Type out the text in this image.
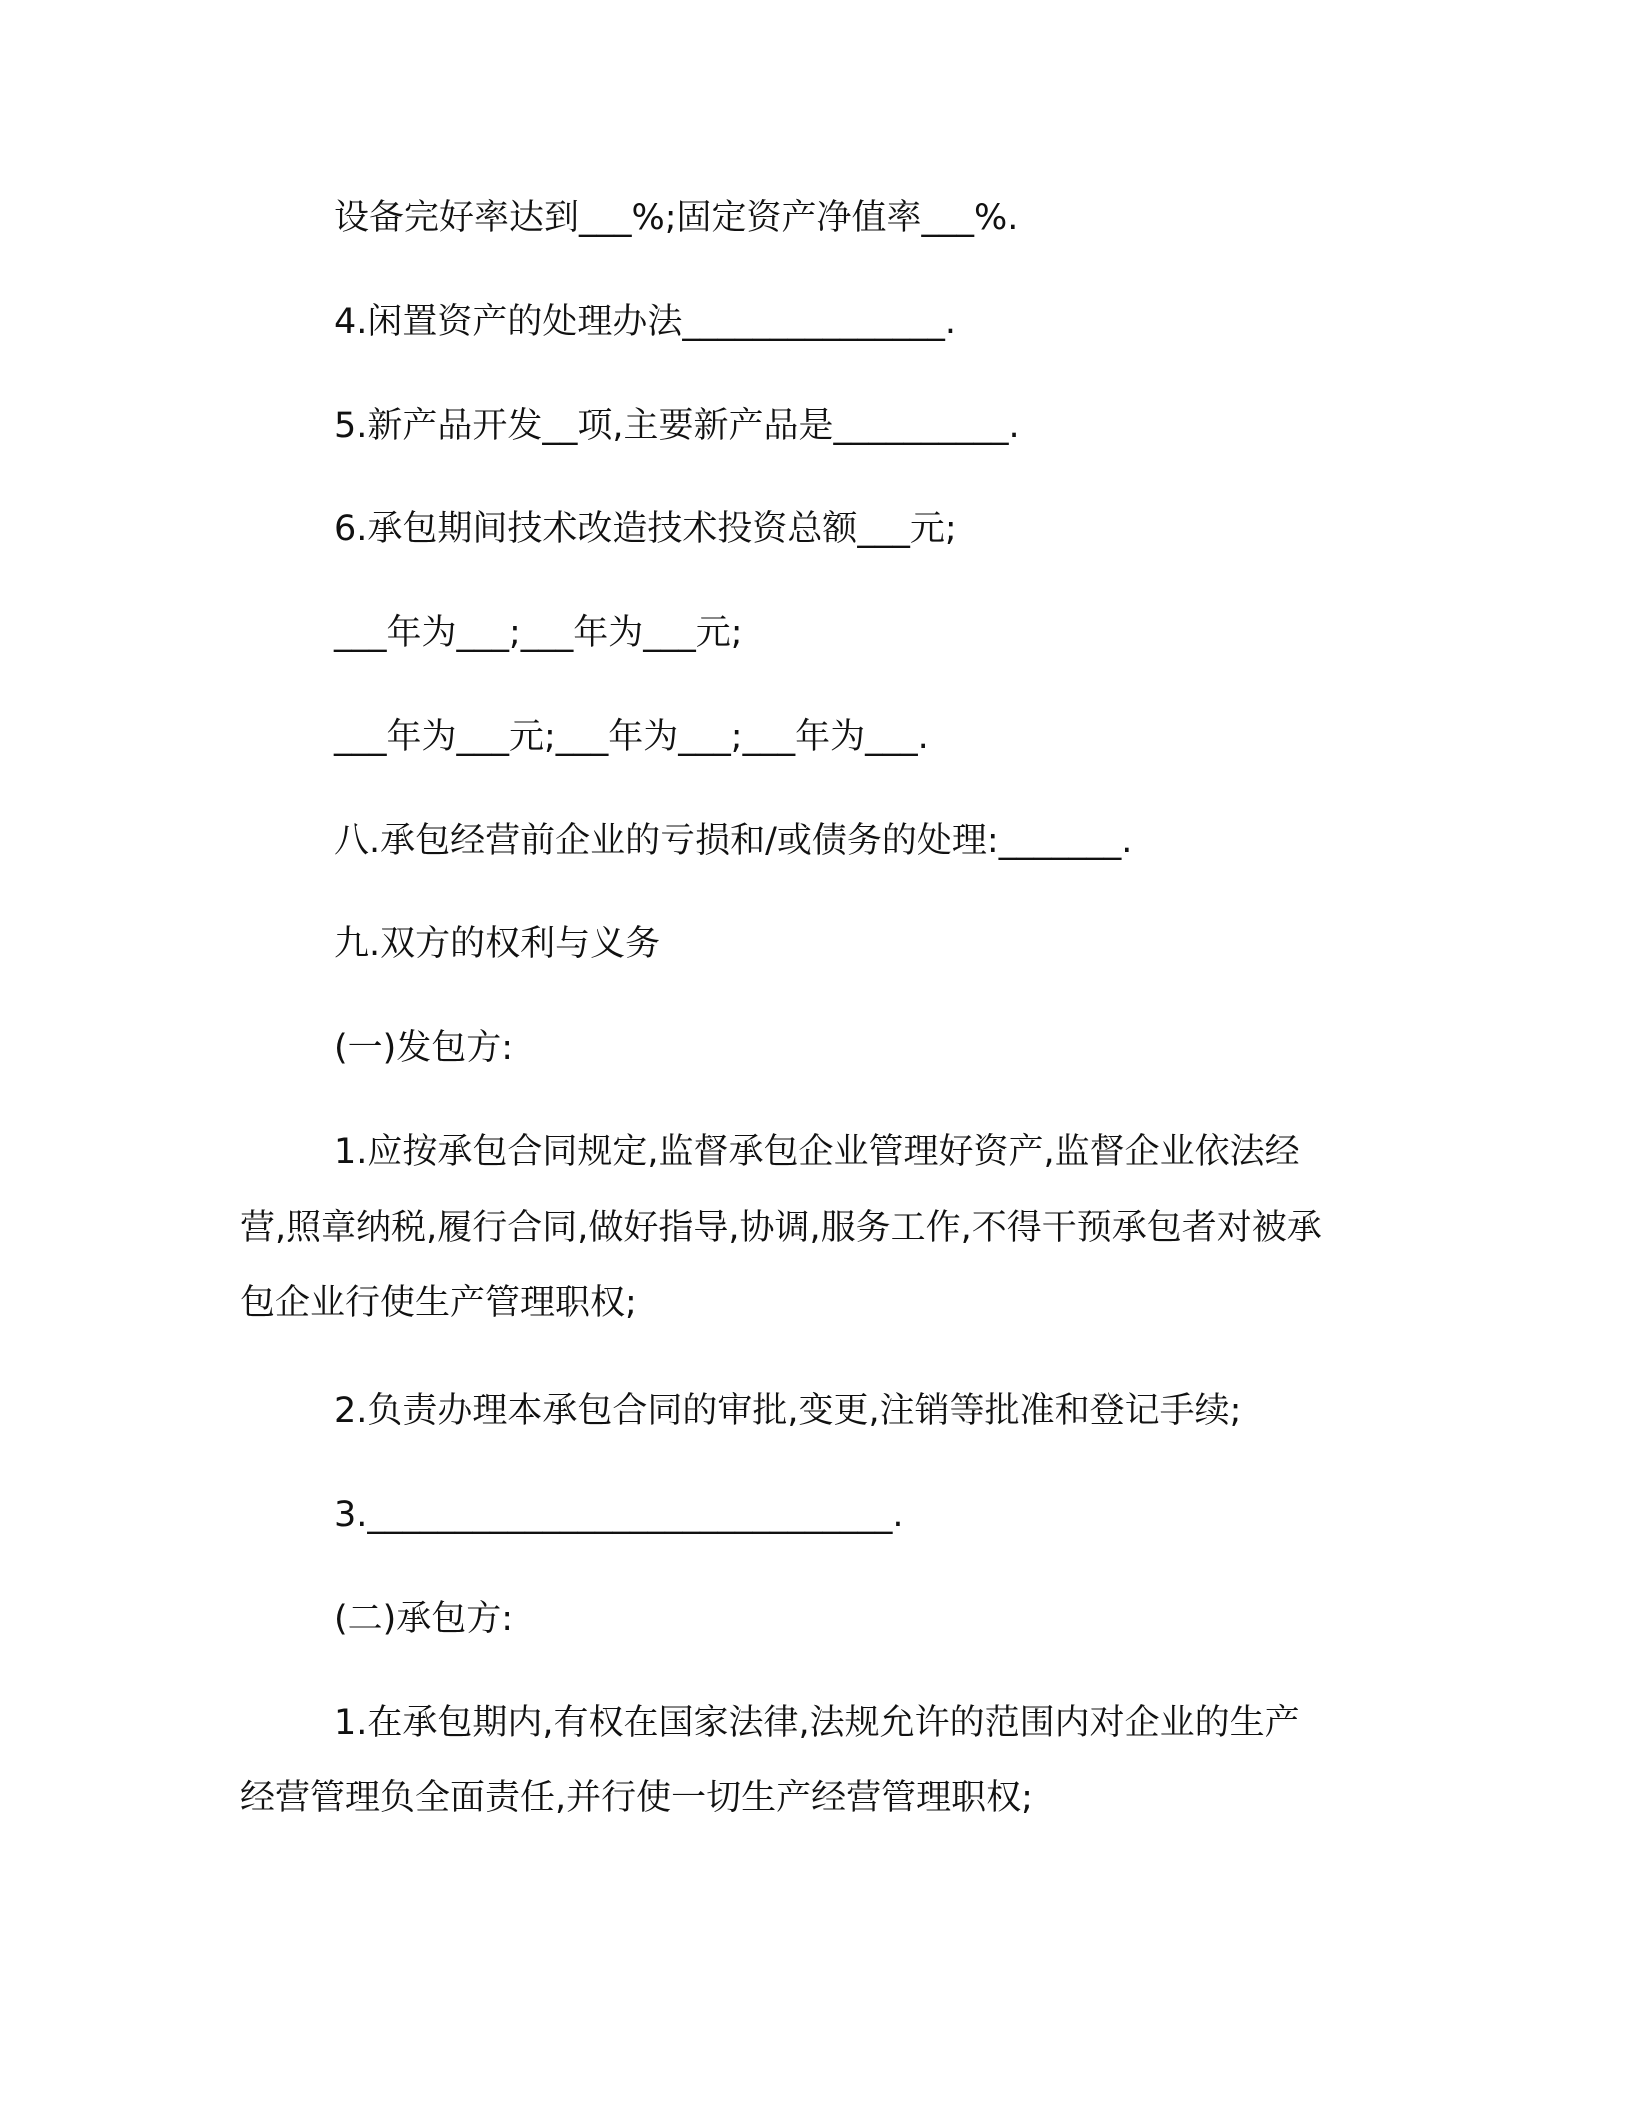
设备完好率达到___%;固定资产净值率___%.
4.闲置资产的处理办法_______________.
5.新产品开发__项,主要新产品是__________.
6.承包期间技术改造技术投资总额___元;
___年为___;___年为___元;
___年为___元;___年为___;___年为___.
八.承包经营前企业的亏损和/或债务的处理:_______.
九.双方的权利与义务
(一)发包方:
1.应按承包合同规定,监督承包企业管理好资产,监督企业依法经
营,照章纳税,履行合同,做好指导,协调,服务工作,不得干预承包者对被承
包企业行使生产管理职权;
2.负责办理本承包合同的审批,变更,注销等批准和登记手续;
3.______________________________.
(二)承包方:
1.在承包期内,有权在国家法律,法规允许的范围内对企业的生产
经营管理负全面责任,并行使一切生产经营管理职权;
